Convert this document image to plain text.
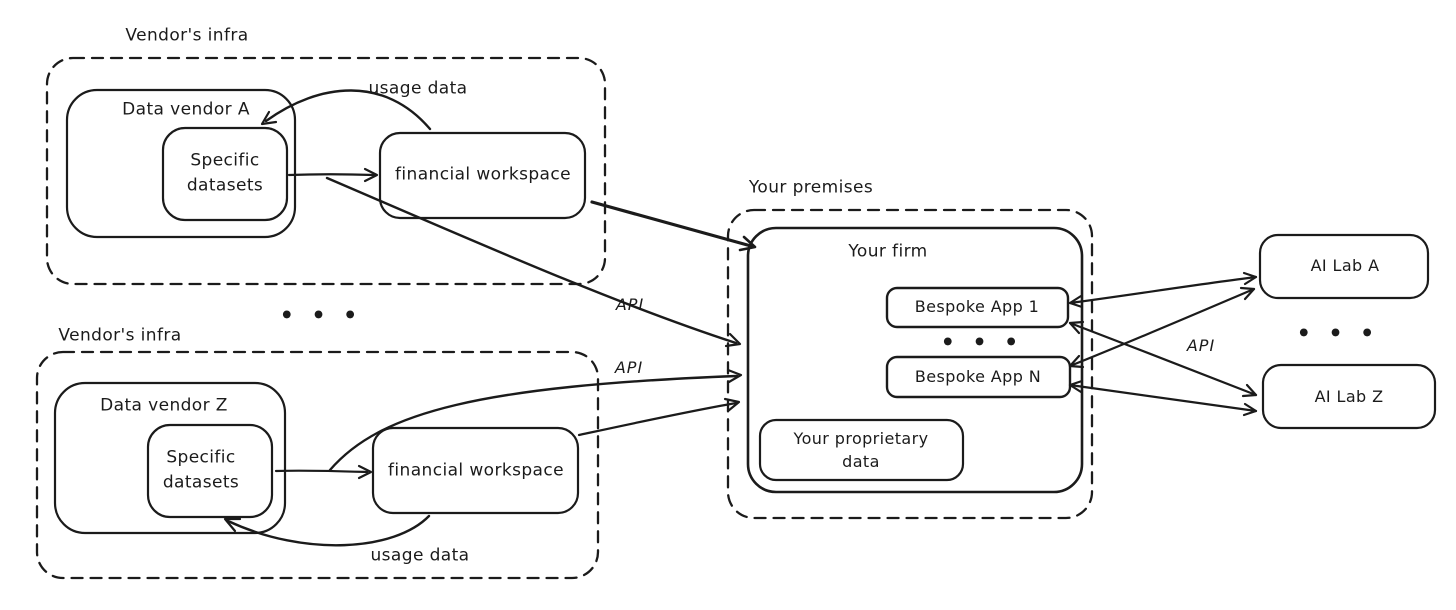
Vendor's infra
Data vendor A
Specific
datasets
financial workspace
usage data
API
• • •
Vendor's infra
Data vendor Z
Specific
datasets
financial workspace
usage data
API
Your premises
Your firm
Bespoke App 1
• • •
Bespoke App N
Your proprietary
data
AI Lab A
• • •
AI Lab Z
API
